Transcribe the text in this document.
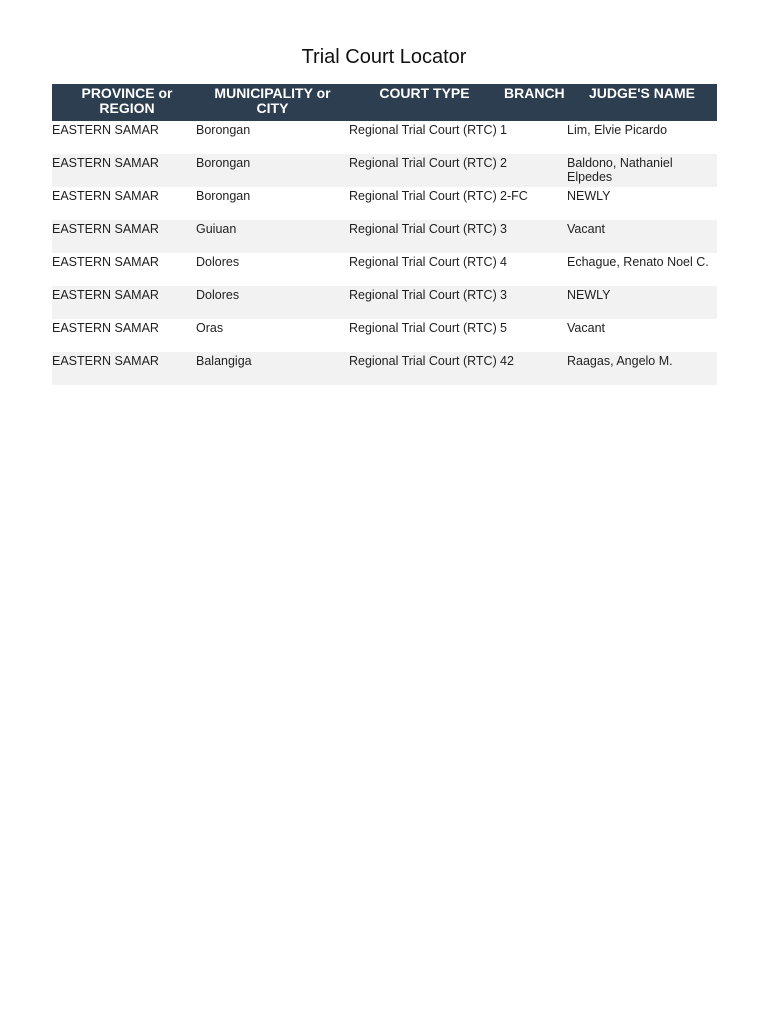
Trial Court Locator
PROVINCE or REGION	MUNICIPALITY or CITY	COURT TYPE	BRANCH	JUDGE'S NAME
EASTERN SAMAR	Borongan	Regional Trial Court (RTC)	1	Lim, Elvie Picardo
EASTERN SAMAR	Borongan	Regional Trial Court (RTC)	2	Baldono, Nathaniel Elpedes
EASTERN SAMAR	Borongan	Regional Trial Court (RTC)	2-FC	NEWLY
EASTERN SAMAR	Guiuan	Regional Trial Court (RTC)	3	Vacant
EASTERN SAMAR	Dolores	Regional Trial Court (RTC)	4	Echague, Renato Noel C.
EASTERN SAMAR	Dolores	Regional Trial Court (RTC)	3	NEWLY
EASTERN SAMAR	Oras	Regional Trial Court (RTC)	5	Vacant
EASTERN SAMAR	Balangiga	Regional Trial Court (RTC)	42	Raagas, Angelo M.
